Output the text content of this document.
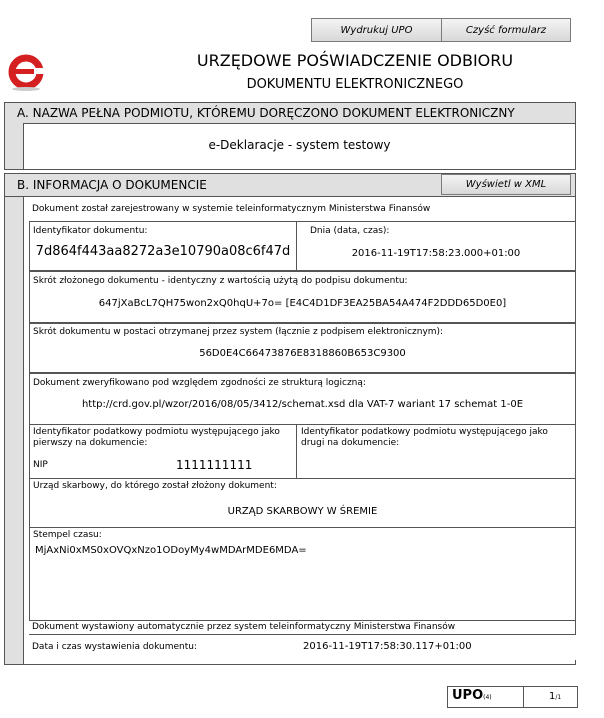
Wydrukuj UPO	Czyść formularz
URZĘDOWE POŚWIADCZENIE ODBIORU
DOKUMENTU ELEKTRONICZNEGO
A. NAZWA PEŁNA PODMIOTU, KTÓREMU DORĘCZONO DOKUMENT ELEKTRONICZNY
e-Deklaracje - system testowy
B. INFORMACJA O DOKUMENCIE	Wyświetl w XML
Dokument został zarejestrowany w systemie teleinformatycznym Ministerstwa Finansów
Identyfikator dokumentu:
7d864f443aa8272a3e10790a08c6f47d
Dnia (data, czas):
2016-11-19T17:58:23.000+01:00
Skrót złożonego dokumentu - identyczny z wartością użytą do podpisu dokumentu:
647jXaBcL7QH75won2xQ0hqU+7o= [E4C4D1DF3EA25BA54A474F2DDD65D0E0]
Skrót dokumentu w postaci otrzymanej przez system (łącznie z podpisem elektronicznym):
56D0E4C66473876E8318860B653C9300
Dokument zweryfikowano pod względem zgodności ze strukturą logiczną:
http://crd.gov.pl/wzor/2016/08/05/3412/schemat.xsd dla VAT-7 wariant 17 schemat 1-0E
Identyfikator podatkowy podmiotu występującego jako pierwszy na dokumencie:
NIP	1111111111
Identyfikator podatkowy podmiotu występującego jako drugi na dokumencie:
Urząd skarbowy, do którego został złożony dokument:
URZĄD SKARBOWY W ŚREMIE
Stempel czasu:
MjAxNi0xMS0xOVQxNzo1ODoyMy4wMDArMDE6MDA=
Dokument wystawiony automatycznie przez system teleinformatyczny Ministerstwa Finansów
Data i czas wystawienia dokumentu:	2016-11-19T17:58:30.117+01:00
UPO(4)	1/1
